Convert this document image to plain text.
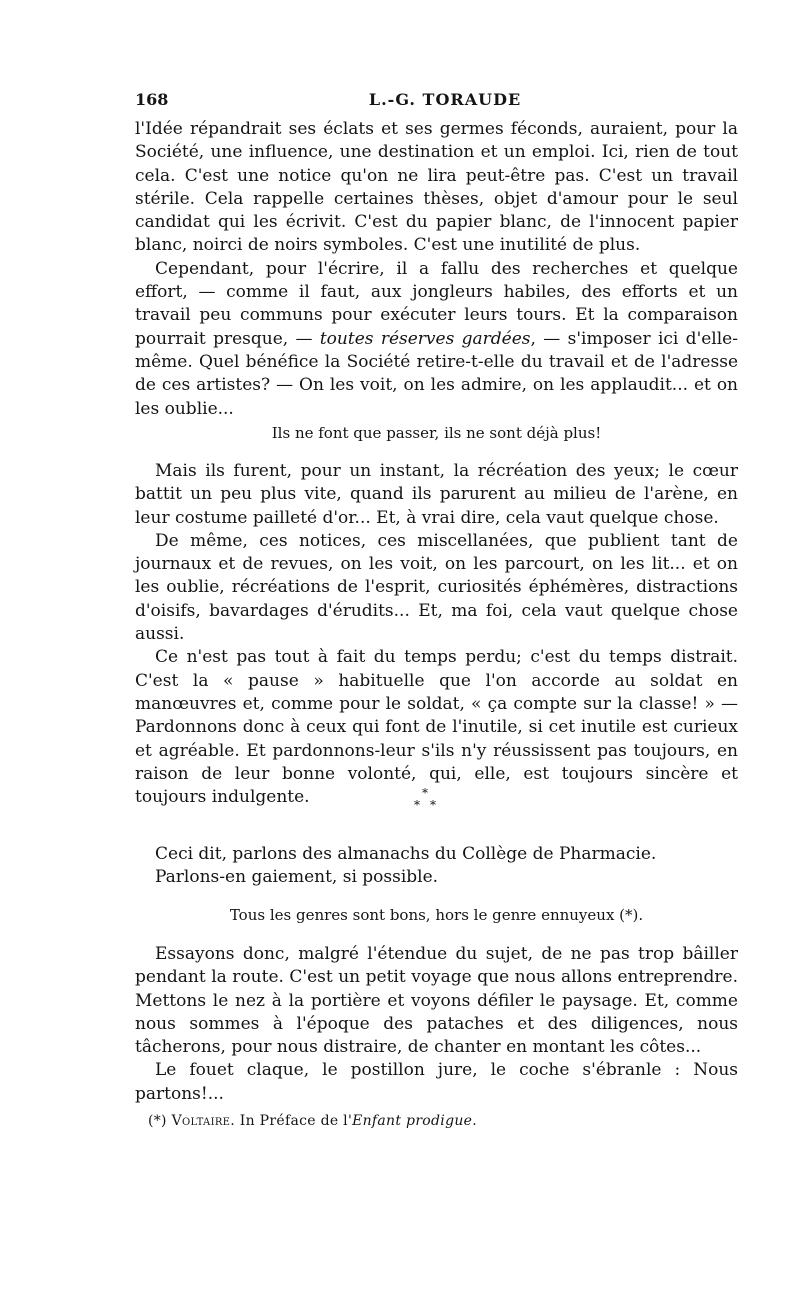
168	L.-G. TORAUDE

l'Idée répandrait ses éclats et ses germes féconds, auraient, pour la Société, une influence, une destination et un emploi. Ici, rien de tout cela. C'est une notice qu'on ne lira peut-être pas. C'est un travail stérile. Cela rappelle certaines thèses, objet d'amour pour le seul candidat qui les écrivit. C'est du papier blanc, de l'innocent papier blanc, noirci de noirs symboles. C'est une inutilité de plus.

Cependant, pour l'écrire, il a fallu des recherches et quelque effort, — comme il faut, aux jongleurs habiles, des efforts et un travail peu communs pour exécuter leurs tours. Et la comparaison pourrait presque, — toutes réserves gardées, — s'imposer ici d'elle-même. Quel bénéfice la Société retire-t-elle du travail et de l'adresse de ces artistes? — On les voit, on les admire, on les applaudit... et on les oublie...

Ils ne font que passer, ils ne sont déjà plus!

Mais ils furent, pour un instant, la récréation des yeux; le cœur battit un peu plus vite, quand ils parurent au milieu de l'arène, en leur costume pailleté d'or... Et, à vrai dire, cela vaut quelque chose.

De même, ces notices, ces miscellanées, que publient tant de journaux et de revues, on les voit, on les parcourt, on les lit... et on les oublie, récréations de l'esprit, curiosités éphémères, distractions d'oisifs, bavardages d'érudits... Et, ma foi, cela vaut quelque chose aussi.

Ce n'est pas tout à fait du temps perdu; c'est du temps distrait. C'est la « pause » habituelle que l'on accorde au soldat en manœuvres et, comme pour le soldat, « ça compte sur la classe! » — Pardonnons donc à ceux qui font de l'inutile, si cet inutile est curieux et agréable. Et pardonnons-leur s'ils n'y réussissent pas toujours, en raison de leur bonne volonté, qui, elle, est toujours sincère et toujours indulgente.	*
* *

Ceci dit, parlons des almanachs du Collège de Pharmacie.

Parlons-en gaiement, si possible.

Tous les genres sont bons, hors le genre ennuyeux (*).

Essayons donc, malgré l'étendue du sujet, de ne pas trop bâiller pendant la route. C'est un petit voyage que nous allons entreprendre. Mettons le nez à la portière et voyons défiler le paysage. Et, comme nous sommes à l'époque des pataches et des diligences, nous tâcherons, pour nous distraire, de chanter en montant les côtes...

Le fouet claque, le postillon jure, le coche s'ébranle : Nous partons!...

(*) Voltaire. In Préface de l'Enfant prodigue.
